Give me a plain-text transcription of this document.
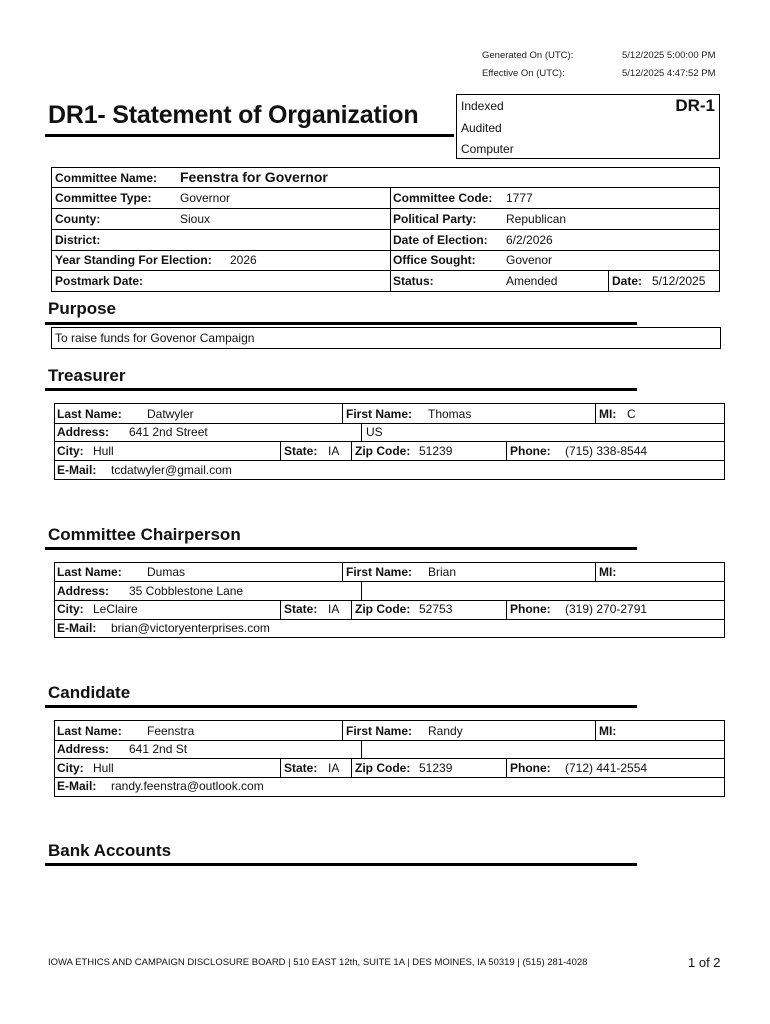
Generated On (UTC):	5/12/2025 5:00:00 PM
Effective On (UTC):	5/12/2025 4:47:52 PM
DR1- Statement of Organization	Indexed
Audited
Computer
DR-1
Committee Name: Feenstra for Governor
Committee Type: Governor	Committee Code: 1777
County:	Sioux	Political Party: Republican
District:	Date of Election: 6/2/2026
Year Standing For Election: 2026	Office Sought:	Govenor
Postmark Date:	Status:	Amended	Date: 5/12/2025
Purpose
To raise funds for Govenor Campaign
Treasurer
Last Name: Datwyler	First Name: Thomas	MI: C
Address: 641 2nd Street	US
City: Hull	State: IA Zip Code: 51239	Phone: (715) 338-8544
E-Mail: tcdatwyler@gmail.com
Committee Chairperson
Last Name: Dumas	First Name: Brian	MI:
Address: 35 Cobblestone Lane
City: LeClaire	State: IA Zip Code: 52753	Phone: (319) 270-2791
E-Mail: brian@victoryenterprises.com
Candidate
Last Name: Feenstra	First Name: Randy	MI:
Address: 641 2nd St
City: Hull	State: IA Zip Code: 51239	Phone: (712) 441-2554
E-Mail: randy.feenstra@outlook.com
Bank Accounts
IOWA ETHICS AND CAMPAIGN DISCLOSURE BOARD | 510 EAST 12th, SUITE 1A | DES MOINES, IA 50319 | (515) 281-4028	1 of 2
